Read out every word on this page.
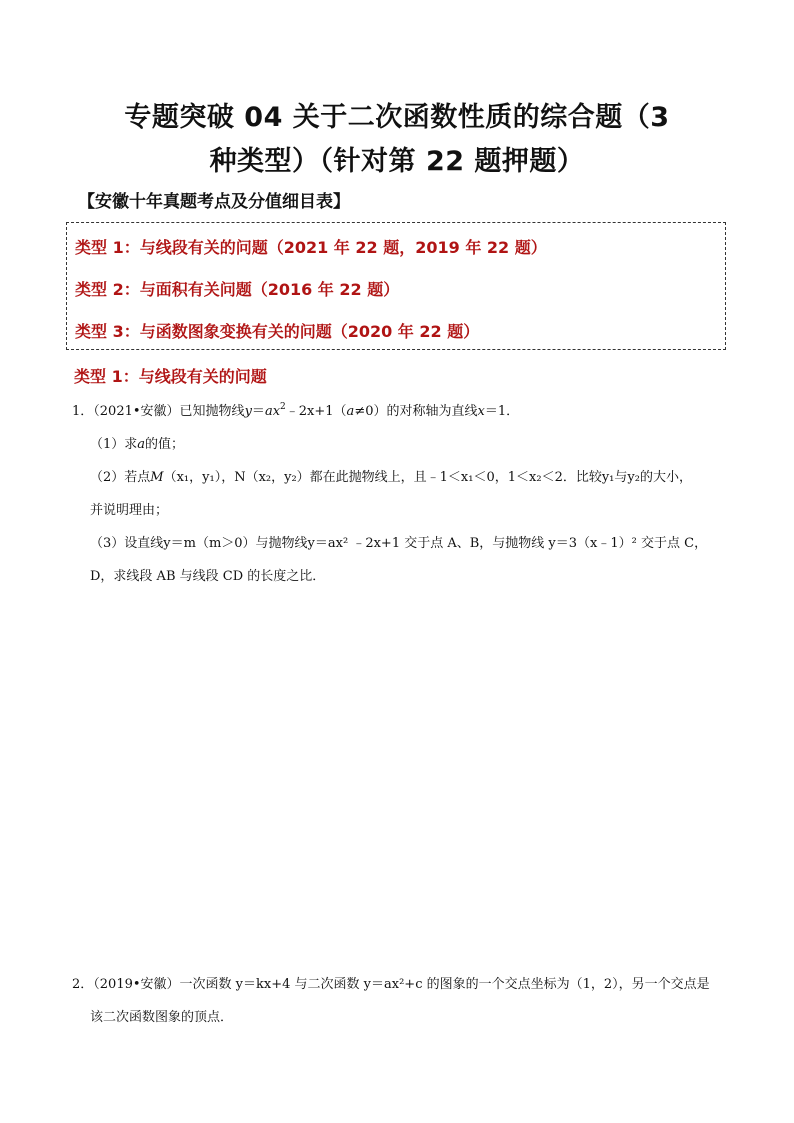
专题突破 04 关于二次函数性质的综合题（3
种类型）（针对第 22 题押题）

【安徽十年真题考点及分值细目表】

类型 1：与线段有关的问题（2021 年 22 题，2019 年 22 题）

类型 2：与面积有关问题（2016 年 22 题）

类型 3：与函数图象变换有关的问题（2020 年 22 题）

类型 1：与线段有关的问题

1．（2021•安徽）已知抛物线$y=ax^2﹣2x+1(a\ne 0)$的对称轴为直线x＝1．

（1）求a的值；

（2）若点M（x₁，y₁），N（x₂，y₂）都在此抛物线上，且﹣1＜x₁＜0，1＜x₂＜2．比较y₁与y₂的大小，

并说明理由；

（3）设直线y＝m（m＞0）与抛物线y＝ax² ﹣2x+1 交于点 A、B，与抛物线 y＝3（x﹣1）² 交于点 C，

D，求线段 AB 与线段 CD 的长度之比．

2．（2019•安徽）一次函数 y＝kx+4 与二次函数 y＝ax²+c 的图象的一个交点坐标为（1，2），另一个交点是

该二次函数图象的顶点．
